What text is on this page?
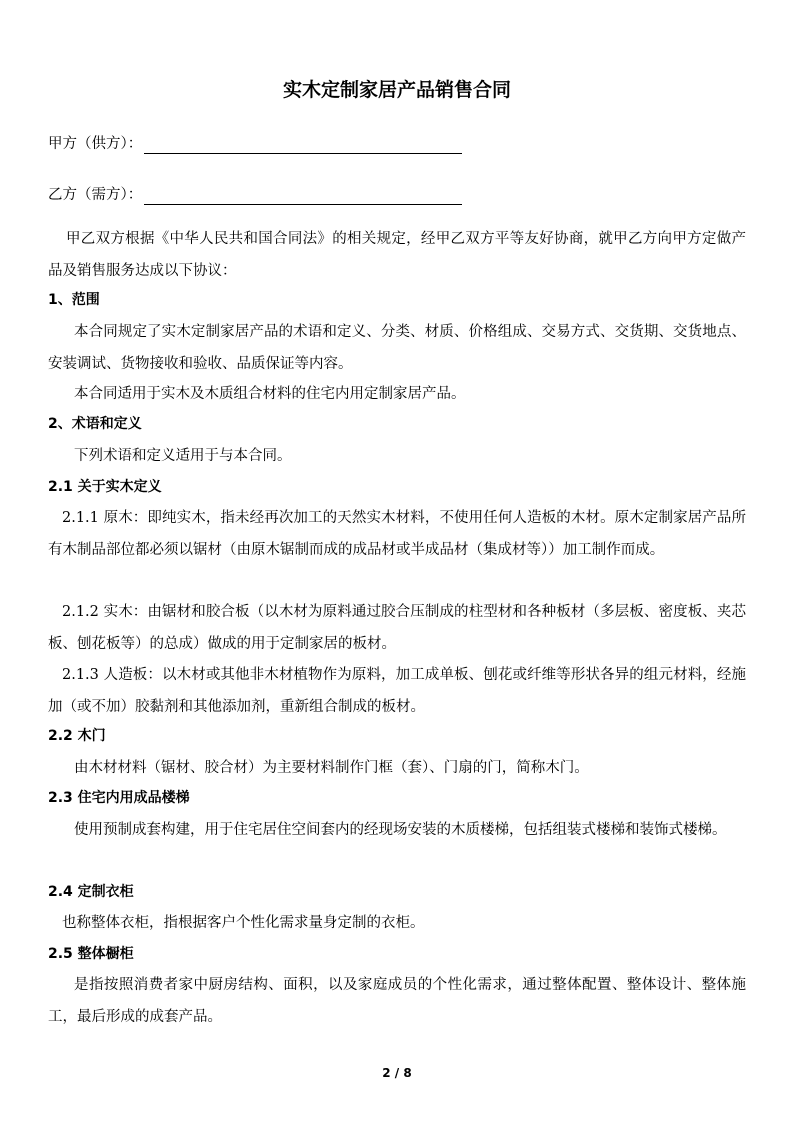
实木定制家居产品销售合同
甲方（供方）：
乙方（需方）：
甲乙双方根据《中华人民共和国合同法》的相关规定，经甲乙双方平等友好协商，就甲乙方向甲方定做产品及销售服务达成以下协议：
1、范围
本合同规定了实木定制家居产品的术语和定义、分类、材质、价格组成、交易方式、交货期、交货地点、安装调试、货物接收和验收、品质保证等内容。
本合同适用于实木及木质组合材料的住宅内用定制家居产品。
2、术语和定义
下列术语和定义适用于与本合同。
2.1 关于实木定义
2.1.1 原木：即纯实木，指未经再次加工的天然实木材料，不使用任何人造板的木材。原木定制家居产品所有木制品部位都必须以锯材（由原木锯制而成的成品材或半成品材（集成材等））加工制作而成。
2.1.2 实木：由锯材和胶合板（以木材为原料通过胶合压制成的柱型材和各种板材（多层板、密度板、夹芯板、刨花板等）的总成）做成的用于定制家居的板材。
2.1.3 人造板：以木材或其他非木材植物作为原料，加工成单板、刨花或纤维等形状各异的组元材料，经施加（或不加）胶黏剂和其他添加剂，重新组合制成的板材。
2.2 木门
由木材材料（锯材、胶合材）为主要材料制作门框（套）、门扇的门，简称木门。
2.3 住宅内用成品楼梯
使用预制成套构建，用于住宅居住空间套内的经现场安装的木质楼梯，包括组装式楼梯和装饰式楼梯。
2.4 定制衣柜
也称整体衣柜，指根据客户个性化需求量身定制的衣柜。
2.5 整体橱柜
是指按照消费者家中厨房结构、面积，以及家庭成员的个性化需求，通过整体配置、整体设计、整体施工，最后形成的成套产品。
2 / 8
